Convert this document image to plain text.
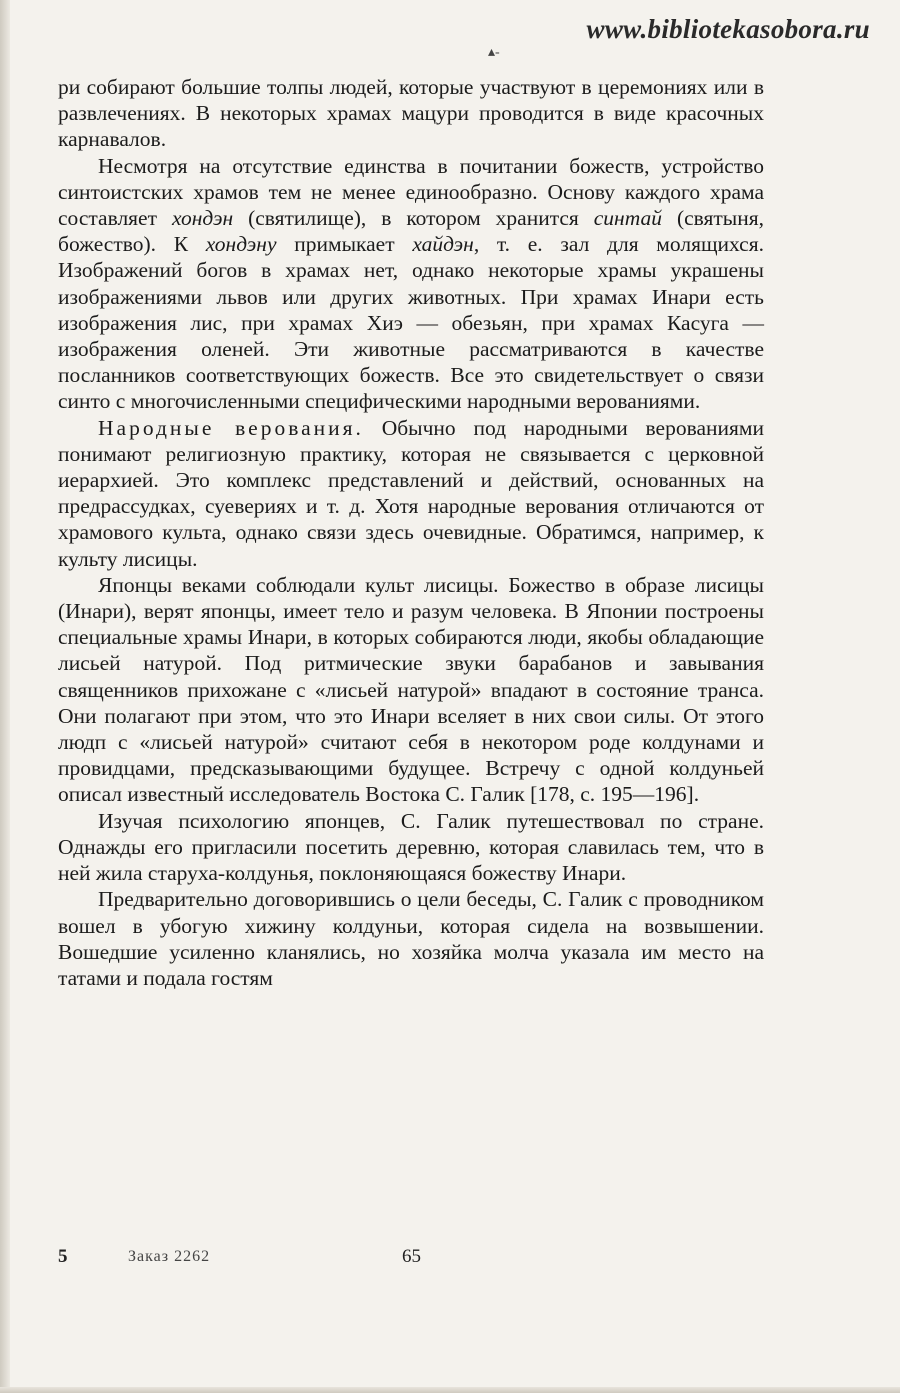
www.bibliotekasobora.ru
▴-

ри собирают большие толпы людей, которые участвуют в церемониях или в развлечениях. В некоторых храмах мацури проводится в виде красочных карнавалов.

Несмотря на отсутствие единства в почитании божеств, устройство синтоистских храмов тем не менее единообразно. Основу каждого храма составляет хондэн (святилище), в котором хранится синтай (святыня, божество). К хондэну примыкает хайдэн, т. е. зал для молящихся. Изображений богов в храмах нет, однако некоторые храмы украшены изображениями львов или других животных. При храмах Инари есть изображения лис, при храмах Хиэ — обезьян, при храмах Касуга — изображения оленей. Эти животные рассматриваются в качестве посланников соответствующих божеств. Все это свидетельствует о связи синто с многочисленными специфическими народными верованиями.

Народные верования. Обычно под народными верованиями понимают религиозную практику, которая не связывается с церковной иерархией. Это комплекс представлений и действий, основанных на предрассудках, суевериях и т. д. Хотя народные верования отличаются от храмового культа, однако связи здесь очевидные. Обратимся, например, к культу лисицы.

Японцы веками соблюдали культ лисицы. Божество в образе лисицы (Инари), верят японцы, имеет тело и разум человека. В Японии построены специальные храмы Инари, в которых собираются люди, якобы обладающие лисьей натурой. Под ритмические звуки барабанов и завывания священников прихожане с «лисьей натурой» впадают в состояние транса. Они полагают при этом, что это Инари вселяет в них свои силы. От этого людп с «лисьей натурой» считают себя в некотором роде колдунами и провидцами, предсказывающими будущее. Встречу с одной колдуньей описал известный исследователь Востока С. Галик [178, с. 195—196].

Изучая психологию японцев, С. Галик путешествовал по стране. Однажды его пригласили посетить деревню, которая славилась тем, что в ней жила старуха-колдунья, поклоняющаяся божеству Инари.

Предварительно договорившись о цели беседы, С. Галик с проводником вошел в убогую хижину колдуньи, которая сидела на возвышении. Вошедшие усиленно кланялись, но хозяйка молча указала им место на татами и подала гостям

5	Заказ 2262	65
